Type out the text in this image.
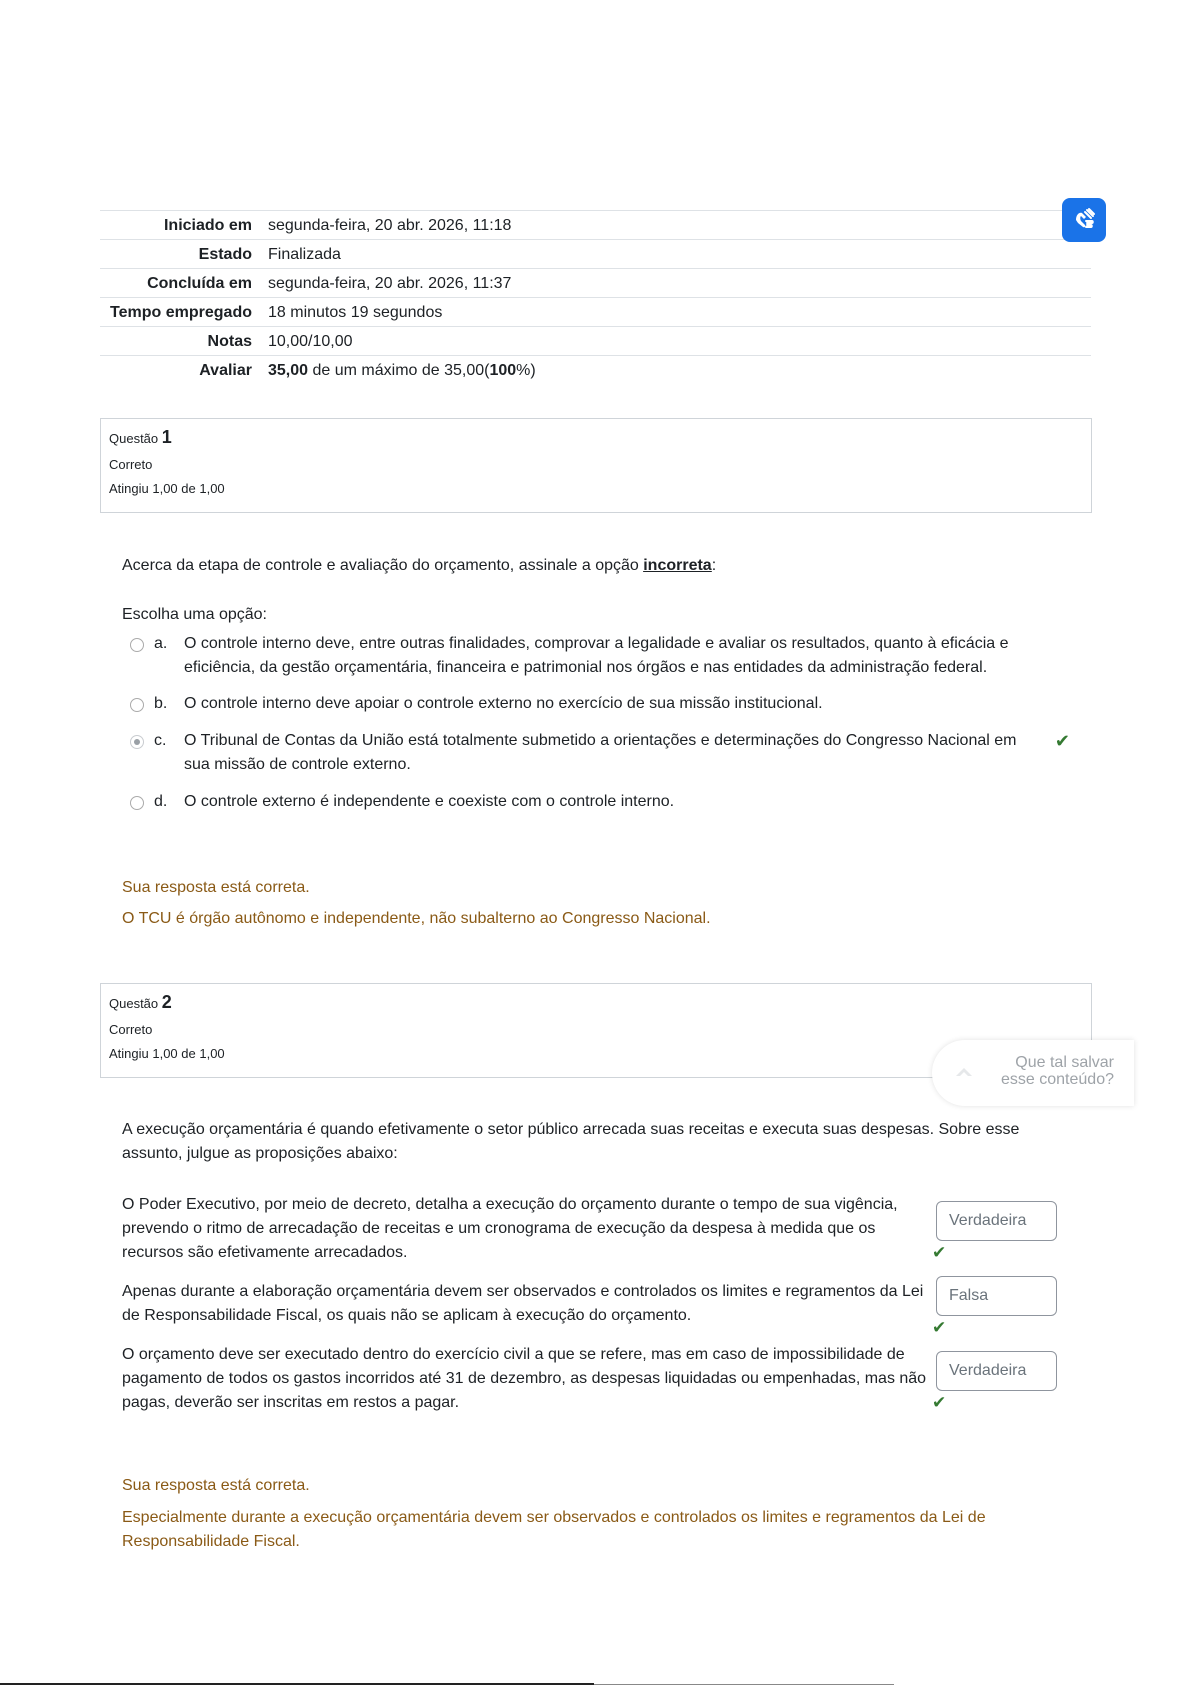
Iniciado em	segunda-feira, 20 abr. 2026, 11:18
Estado	Finalizada
Concluída em	segunda-feira, 20 abr. 2026, 11:37
Tempo empregado	18 minutos 19 segundos
Notas	10,00/10,00
Avaliar	35,00 de um máximo de 35,00(100%)
Questão 1
Correto
Atingiu 1,00 de 1,00
Acerca da etapa de controle e avaliação do orçamento, assinale a opção incorreta:
Escolha uma opção:
a.	O controle interno deve, entre outras finalidades, comprovar a legalidade e avaliar os resultados, quanto à eficácia e eficiência, da gestão orçamentária, financeira e patrimonial nos órgãos e nas entidades da administração federal.
b.	O controle interno deve apoiar o controle externo no exercício de sua missão institucional.
c.	O Tribunal de Contas da União está totalmente submetido a orientações e determinações do Congresso Nacional em sua missão de controle externo.
✔
d.	O controle externo é independente e coexiste com o controle interno.
Sua resposta está correta.
O TCU é órgão autônomo e independente, não subalterno ao Congresso Nacional.
Questão 2
Correto
Atingiu 1,00 de 1,00
Que tal salvar
esse conteúdo?
A execução orçamentária é quando efetivamente o setor público arrecada suas receitas e executa suas despesas. Sobre esse assunto, julgue as proposições abaixo:
O Poder Executivo, por meio de decreto, detalha a execução do orçamento durante o tempo de sua vigência, prevendo o ritmo de arrecadação de receitas e um cronograma de execução da despesa à medida que os recursos são efetivamente arrecadados.
Verdadeira
✔
Apenas durante a elaboração orçamentária devem ser observados e controlados os limites e regramentos da Lei de Responsabilidade Fiscal, os quais não se aplicam à execução do orçamento.
Falsa
✔
O orçamento deve ser executado dentro do exercício civil a que se refere, mas em caso de impossibilidade de pagamento de todos os gastos incorridos até 31 de dezembro, as despesas liquidadas ou empenhadas, mas não pagas, deverão ser inscritas em restos a pagar.
Verdadeira
✔
Sua resposta está correta.
Especialmente durante a execução orçamentária devem ser observados e controlados os limites e regramentos da Lei de Responsabilidade Fiscal.
